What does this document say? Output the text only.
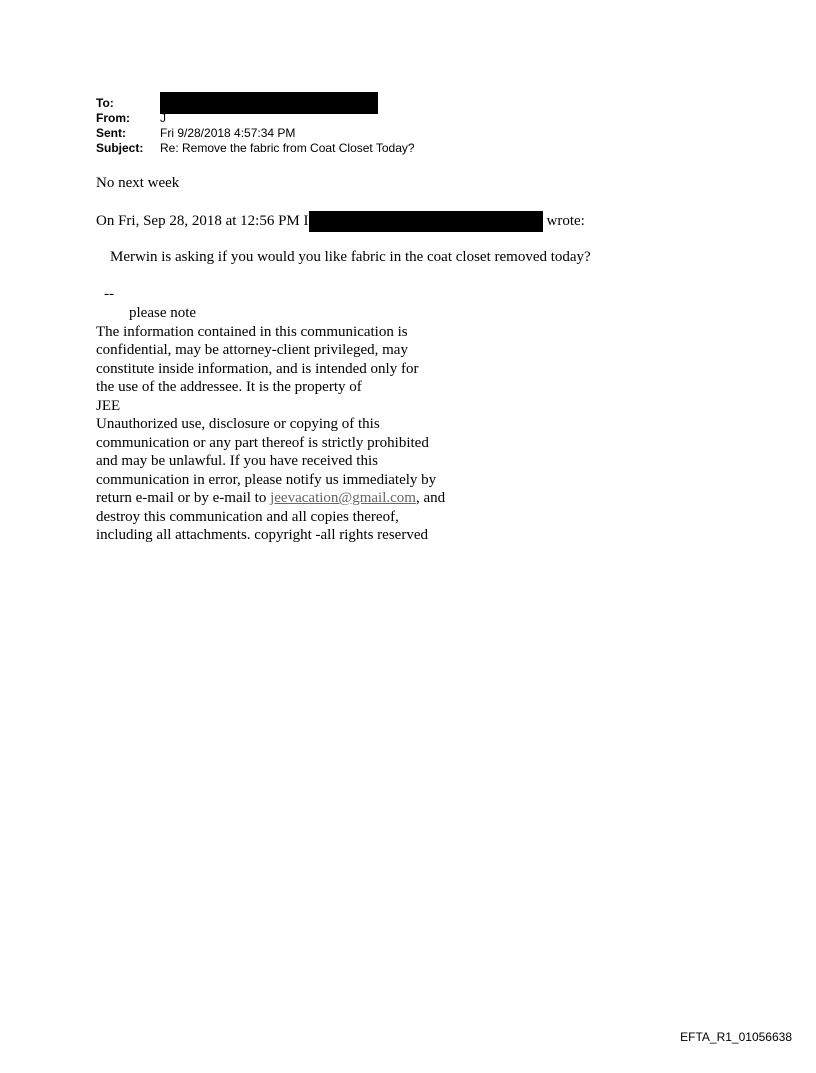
To:
From:	J
Sent:	Fri 9/28/2018 4:57:34 PM
Subject:	Re: Remove the fabric from Coat Closet Today?
No next week
On Fri, Sep 28, 2018 at 12:56 PM I	wrote:
Merwin is asking if you would you like fabric in the coat closet removed today?
--
please note
The information contained in this communication is
confidential, may be attorney-client privileged, may
constitute inside information, and is intended only for
the use of the addressee. It is the property of
JEE
Unauthorized use, disclosure or copying of this
communication or any part thereof is strictly prohibited
and may be unlawful. If you have received this
communication in error, please notify us immediately by
return e-mail or by e-mail to jeevacation@gmail.com, and
destroy this communication and all copies thereof,
including all attachments. copyright -all rights reserved
EFTA_R1_01056638
